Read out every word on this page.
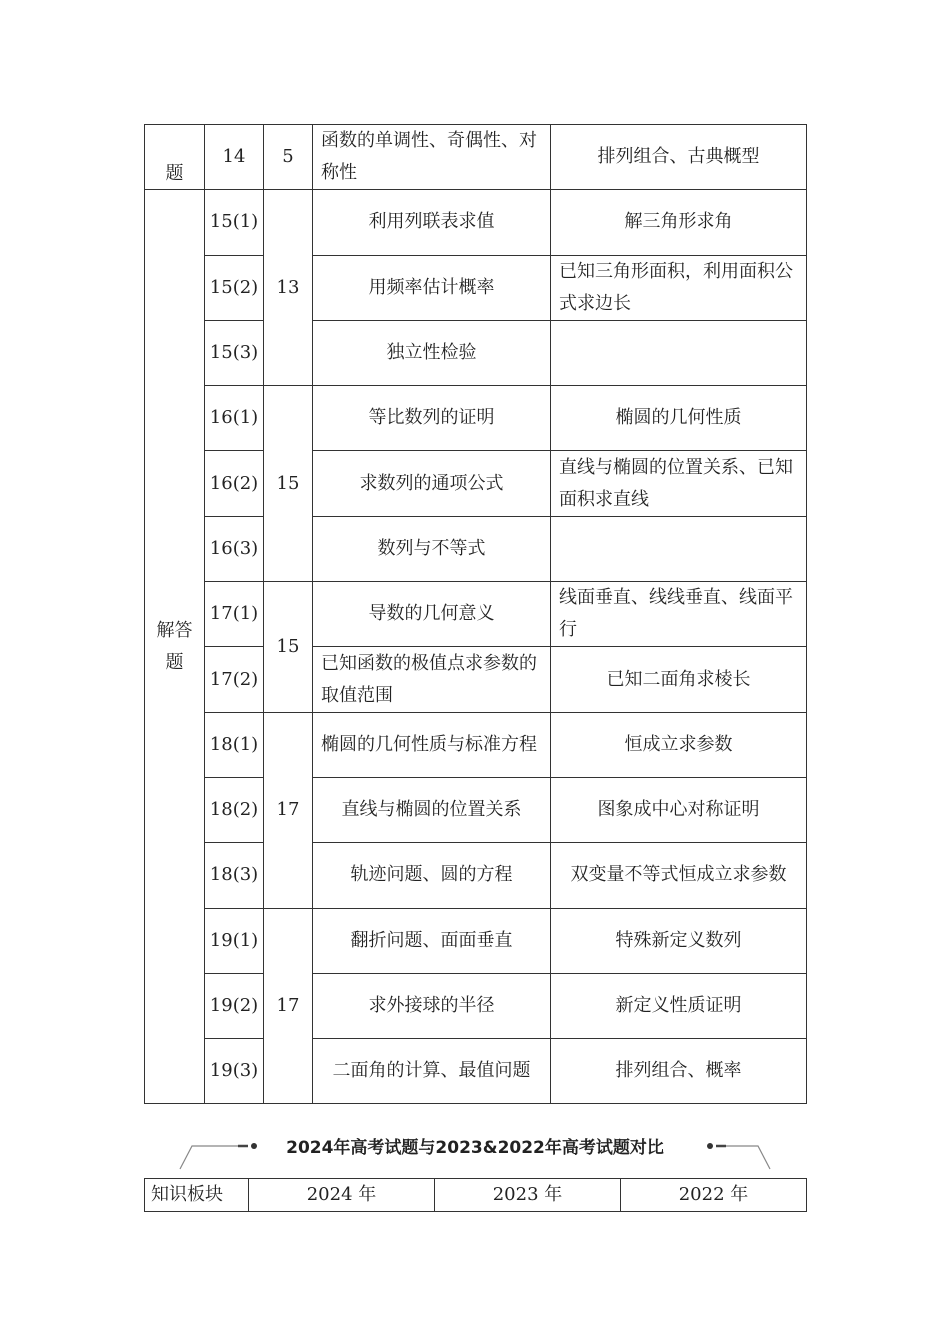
题	14	5	函数的单调性、奇偶性、对称性	排列组合、古典概型
解答题	15(1)	13	利用列联表求值	解三角形求角
	15(2)		用频率估计概率	已知三角形面积，利用面积公式求边长
	15(3)		独立性检验	
	16(1)	15	等比数列的证明	椭圆的几何性质
	16(2)		求数列的通项公式	直线与椭圆的位置关系、已知面积求直线
	16(3)		数列与不等式	
	17(1)	15	导数的几何意义	线面垂直、线线垂直、线面平行
	17(2)		已知函数的极值点求参数的取值范围	已知二面角求棱长
	18(1)	17	椭圆的几何性质与标准方程	恒成立求参数
	18(2)		直线与椭圆的位置关系	图象成中心对称证明
	18(3)		轨迹问题、圆的方程	双变量不等式恒成立求参数
	19(1)	17	翻折问题、面面垂直	特殊新定义数列
	19(2)		求外接球的半径	新定义性质证明
	19(3)		二面角的计算、最值问题	排列组合、概率
2024年高考试题与2023&2022年高考试题对比
知识板块	2024 年	2023 年	2022 年
